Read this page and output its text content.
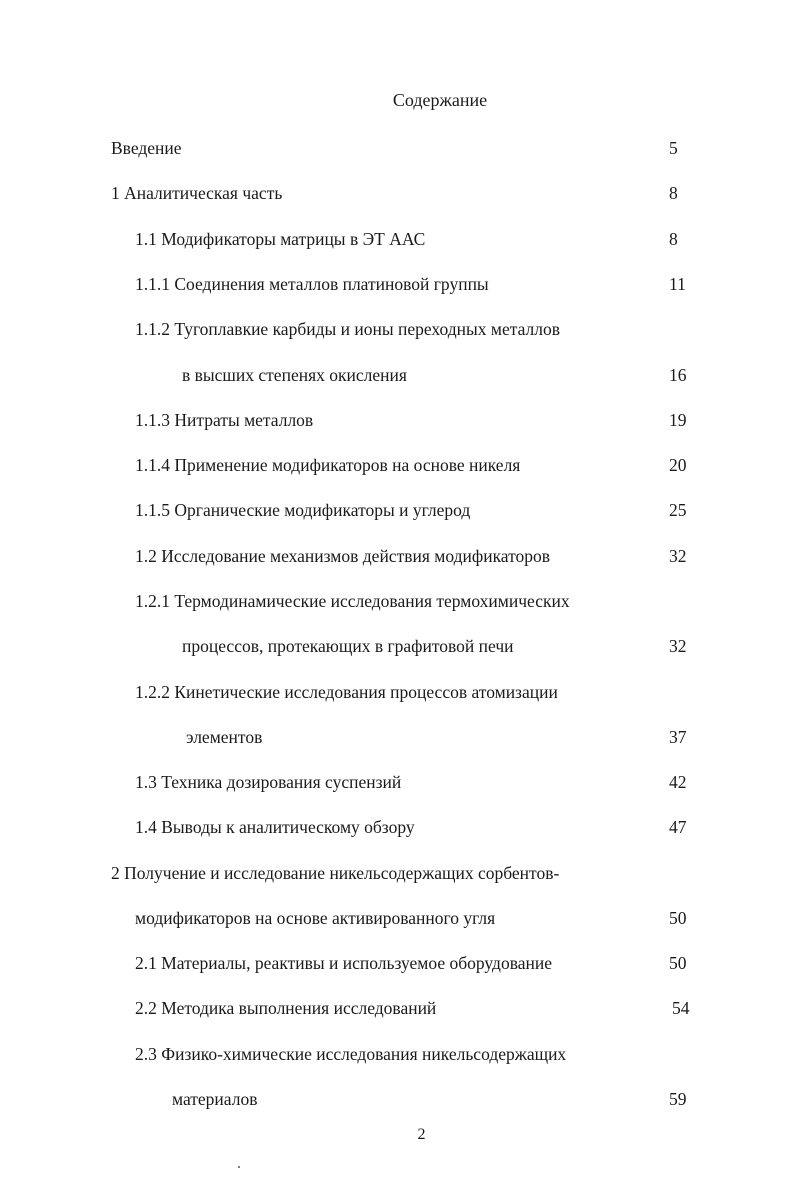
Содержание
Введение	5
1 Аналитическая часть	8
1.1 Модификаторы матрицы в ЭТ ААС	8
1.1.1 Соединения металлов платиновой группы	11
1.1.2 Тугоплавкие карбиды и ионы переходных металлов
в высших степенях окисления	16
1.1.3 Нитраты металлов	19
1.1.4 Применение модификаторов на основе никеля	20
1.1.5 Органические модификаторы и углерод	25
1.2 Исследование механизмов действия модификаторов	32
1.2.1 Термодинамические исследования термохимических
процессов, протекающих в графитовой печи	32
1.2.2 Кинетические исследования процессов атомизации
элементов	37
1.3 Техника дозирования суспензий	42
1.4 Выводы к аналитическому обзору	47
2 Получение и исследование никельсодержащих сорбентов-
модификаторов на основе активированного угля	50
2.1 Материалы, реактивы и используемое оборудование	50
2.2 Методика выполнения исследований	54
2.3 Физико-химические исследования никельсодержащих
материалов	59
2
